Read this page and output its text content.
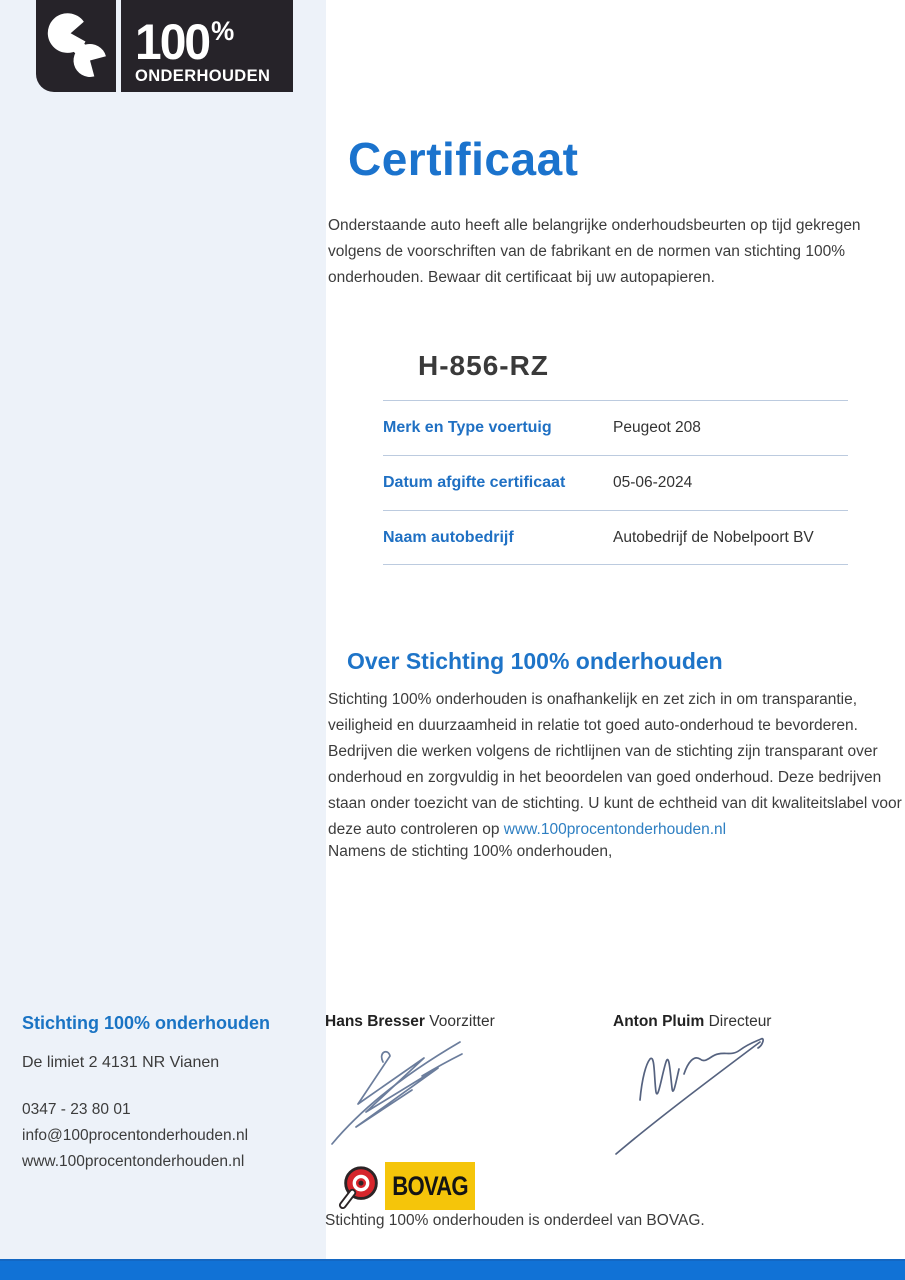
100%
ONDERHOUDEN
Certificaat
Onderstaande auto heeft alle belangrijke onderhoudsbeurten op tijd gekregen volgens de voorschriften van de fabrikant en de normen van stichting 100% onderhouden. Bewaar dit certificaat bij uw autopapieren.
H-856-RZ
Merk en Type voertuig	Peugeot 208
Datum afgifte certificaat	05-06-2024
Naam autobedrijf	Autobedrijf de Nobelpoort BV
Over Stichting 100% onderhouden
Stichting 100% onderhouden is onafhankelijk en zet zich in om transparantie, veiligheid en duurzaamheid in relatie tot goed auto-onderhoud te bevorderen. Bedrijven die werken volgens de richtlijnen van de stichting zijn transparant over onderhoud en zorgvuldig in het beoordelen van goed onderhoud. Deze bedrijven staan onder toezicht van de stichting. U kunt de echtheid van dit kwaliteitslabel voor deze auto controleren op www.100procentonderhouden.nl
Namens de stichting 100% onderhouden,
Stichting 100% onderhouden
De limiet 2 4131 NR Vianen
0347 - 23 80 01
info@100procentonderhouden.nl
www.100procentonderhouden.nl
Hans Bresser Voorzitter	Anton Pluim Directeur
BOVAG
Stichting 100% onderhouden is onderdeel van BOVAG.
